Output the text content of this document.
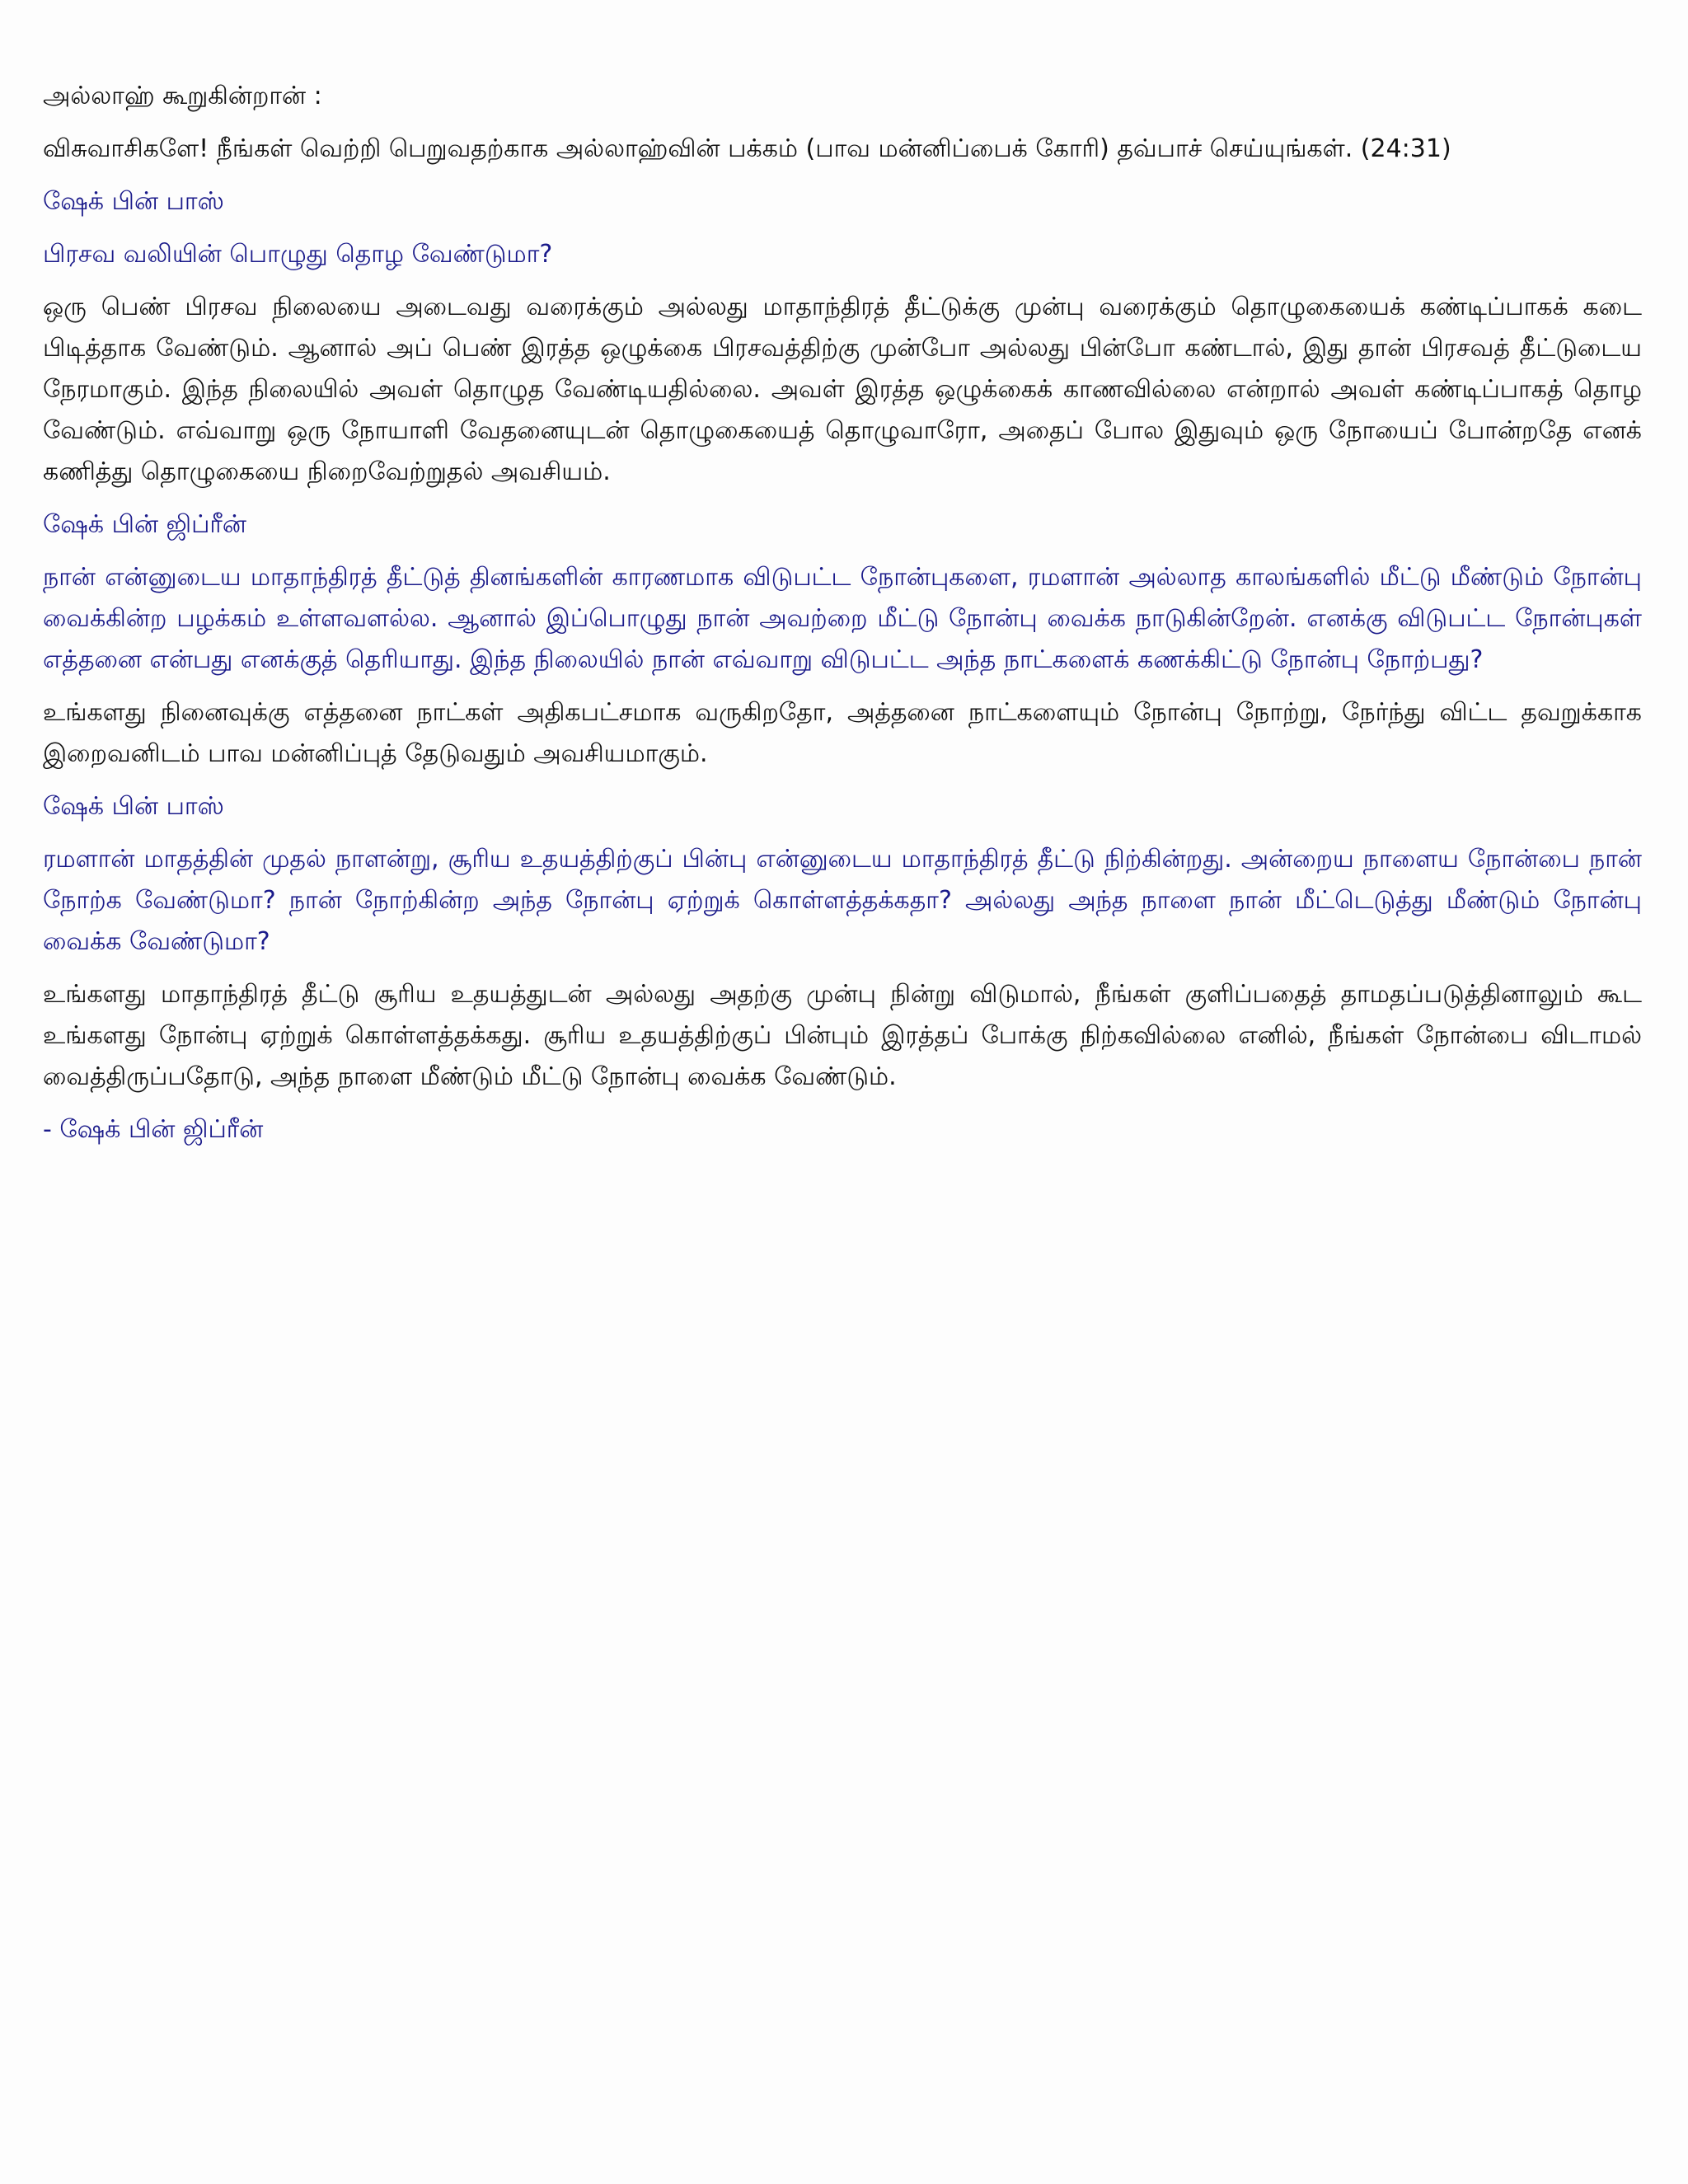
அல்லாஹ் கூறுகின்றான் :

விசுவாசிகளே! நீங்கள் வெற்றி பெறுவதற்காக அல்லாஹ்வின் பக்கம் (பாவ மன்னிப்பைக் கோரி) தவ்பாச் செய்யுங்கள். (24:31)

ஷேக் பின் பாஸ்

பிரசவ வலியின் பொழுது தொழ வேண்டுமா?

ஒரு பெண் பிரசவ நிலையை அடைவது வரைக்கும் அல்லது மாதாந்திரத் தீட்டுக்கு முன்பு வரைக்கும் தொழுகையைக் கண்டிப்பாகக் கடை பிடித்தாக வேண்டும். ஆனால் அப் பெண் இரத்த ஒழுக்கை பிரசவத்திற்கு முன்போ அல்லது பின்போ கண்டால், இது தான் பிரசவத் தீட்டுடைய நேரமாகும். இந்த நிலையில் அவள் தொழுத வேண்டியதில்லை. அவள் இரத்த ஒழுக்கைக் காணவில்லை என்றால் அவள் கண்டிப்பாகத் தொழ வேண்டும். எவ்வாறு ஒரு நோயாளி வேதனையுடன் தொழுகையைத் தொழுவாரோ, அதைப் போல இதுவும் ஒரு நோயைப் போன்றதே எனக் கணித்து தொழுகையை நிறைவேற்றுதல் அவசியம்.

ஷேக் பின் ஜிப்ரீன்

நான் என்னுடைய மாதாந்திரத் தீட்டுத் தினங்களின் காரணமாக விடுபட்ட நோன்புகளை, ரமளான் அல்லாத காலங்களில் மீட்டு மீண்டும் நோன்பு வைக்கின்ற பழக்கம் உள்ளவளல்ல. ஆனால் இப்பொழுது நான் அவற்றை மீட்டு நோன்பு வைக்க நாடுகின்றேன். எனக்கு விடுபட்ட நோன்புகள் எத்தனை என்பது எனக்குத் தெரியாது. இந்த நிலையில் நான் எவ்வாறு விடுபட்ட அந்த நாட்களைக் கணக்கிட்டு நோன்பு நோற்பது?

உங்களது நினைவுக்கு எத்தனை நாட்கள் அதிகபட்சமாக வருகிறதோ, அத்தனை நாட்களையும் நோன்பு நோற்று, நேர்ந்து விட்ட தவறுக்காக இறைவனிடம் பாவ மன்னிப்புத் தேடுவதும் அவசியமாகும்.

ஷேக் பின் பாஸ்

ரமளான் மாதத்தின் முதல் நாளன்று, சூரிய உதயத்திற்குப் பின்பு என்னுடைய மாதாந்திரத் தீட்டு நிற்கின்றது. அன்றைய நாளைய நோன்பை நான் நோற்க வேண்டுமா? நான் நோற்கின்ற அந்த நோன்பு ஏற்றுக் கொள்ளத்தக்கதா? அல்லது அந்த நாளை நான் மீட்டெடுத்து மீண்டும் நோன்பு வைக்க வேண்டுமா?

உங்களது மாதாந்திரத் தீட்டு சூரிய உதயத்துடன் அல்லது அதற்கு முன்பு நின்று விடுமால், நீங்கள் குளிப்பதைத் தாமதப்படுத்தினாலும் கூட உங்களது நோன்பு ஏற்றுக் கொள்ளத்தக்கது. சூரிய உதயத்திற்குப் பின்பும் இரத்தப் போக்கு நிற்கவில்லை எனில், நீங்கள் நோன்பை விடாமல் வைத்திருப்பதோடு, அந்த நாளை மீண்டும் மீட்டு நோன்பு வைக்க வேண்டும்.

- ஷேக் பின் ஜிப்ரீன்
